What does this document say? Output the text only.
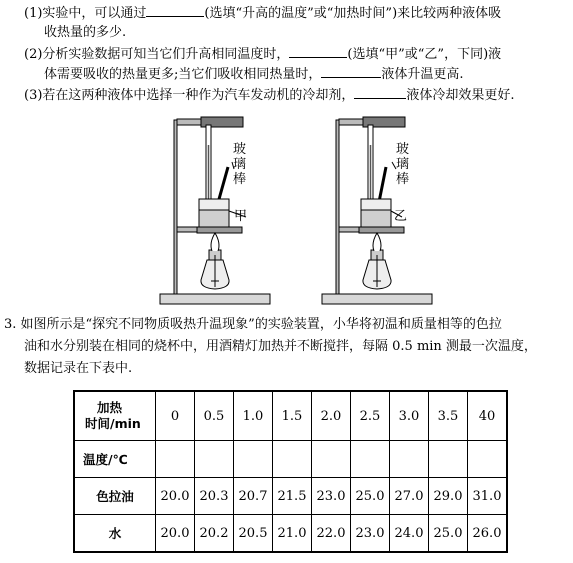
(1)实验中，可以通过	(选填“升高的温度”或“加热时间”)来比较两种液体吸
收热量的多少.
(2)分析实验数据可知当它们升高相同温度时，	(选填“甲”或“乙”，下同)液
体需要吸收的热量更多;当它们吸收相同热量时，	液体升温更高.
(3)若在这两种液体中选择一种作为汽车发动机的冷却剂，	液体冷却效果更好.
玻
璃
棒
甲
玻
璃
棒
乙
3. 如图所示是“探究不同物质吸热升温现象”的实验装置，小华将初温和质量相等的色拉
油和水分别装在相同的烧杯中，用酒精灯加热并不断搅拌，每隔 0.5 min 测最一次温度，
数据记录在下表中.
加热
时间/min	0	0.5	1.0	1.5	2.0	2.5	3.0	3.5	40
温度/℃									
色拉油	20.0	20.3	20.7	21.5	23.0	25.0	27.0	29.0	31.0
水	20.0	20.2	20.5	21.0	22.0	23.0	24.0	25.0	26.0
